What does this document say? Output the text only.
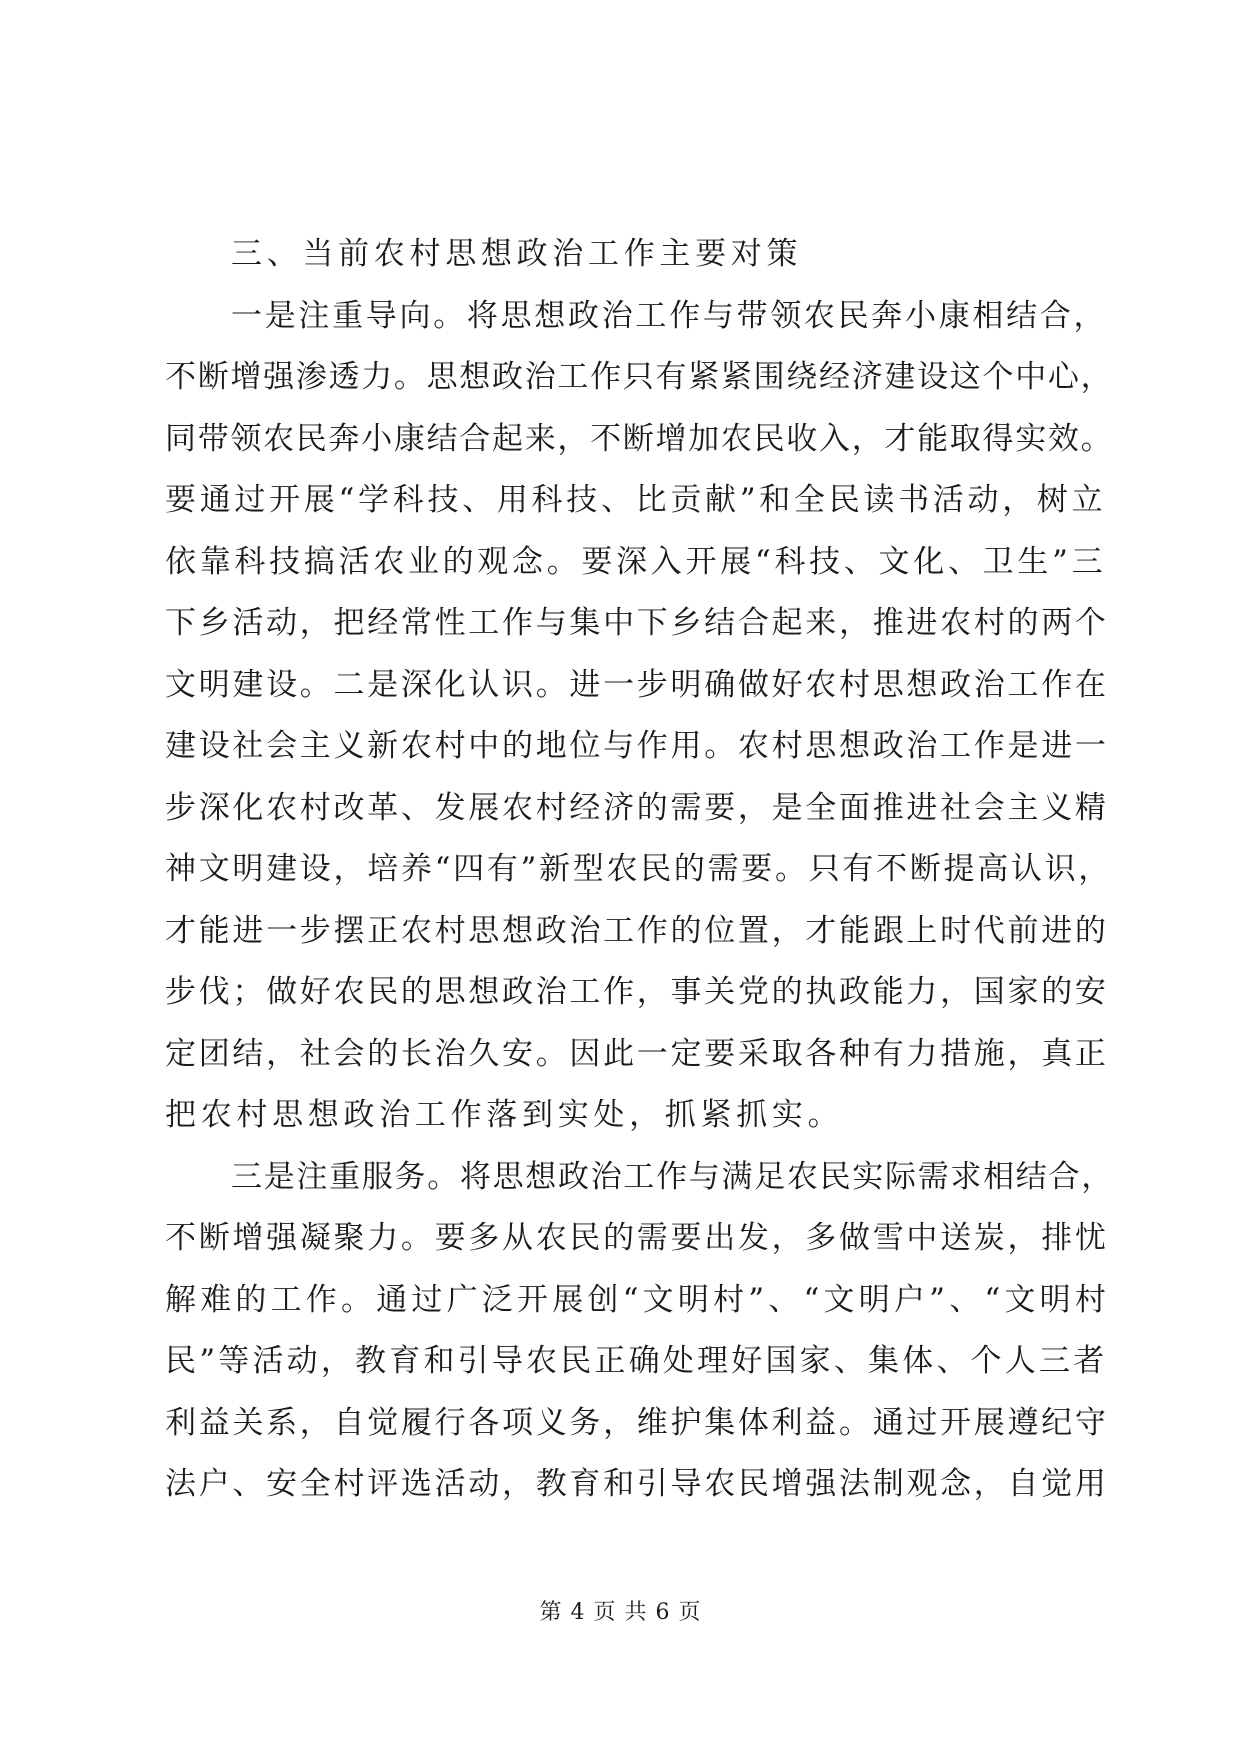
三、当前农村思想政治工作主要对策
一是注重导向。将思想政治工作与带领农民奔小康相结合，
不断增强渗透力。思想政治工作只有紧紧围绕经济建设这个中心，
同带领农民奔小康结合起来，不断增加农民收入，才能取得实效。
要通过开展“学科技、用科技、比贡献”和全民读书活动，树立
依靠科技搞活农业的观念。要深入开展“科技、文化、卫生”三
下乡活动，把经常性工作与集中下乡结合起来，推进农村的两个
文明建设。二是深化认识。进一步明确做好农村思想政治工作在
建设社会主义新农村中的地位与作用。农村思想政治工作是进一
步深化农村改革、发展农村经济的需要，是全面推进社会主义精
神文明建设，培养“四有”新型农民的需要。只有不断提高认识，
才能进一步摆正农村思想政治工作的位置，才能跟上时代前进的
步伐；做好农民的思想政治工作，事关党的执政能力，国家的安
定团结，社会的长治久安。因此一定要采取各种有力措施，真正
把农村思想政治工作落到实处，抓紧抓实。
三是注重服务。将思想政治工作与满足农民实际需求相结合，
不断增强凝聚力。要多从农民的需要出发，多做雪中送炭，排忧
解难的工作。通过广泛开展创“文明村”、“文明户”、“文明村
民”等活动，教育和引导农民正确处理好国家、集体、个人三者
利益关系，自觉履行各项义务，维护集体利益。通过开展遵纪守
法户、安全村评选活动，教育和引导农民增强法制观念，自觉用
第 4 页 共 6 页
